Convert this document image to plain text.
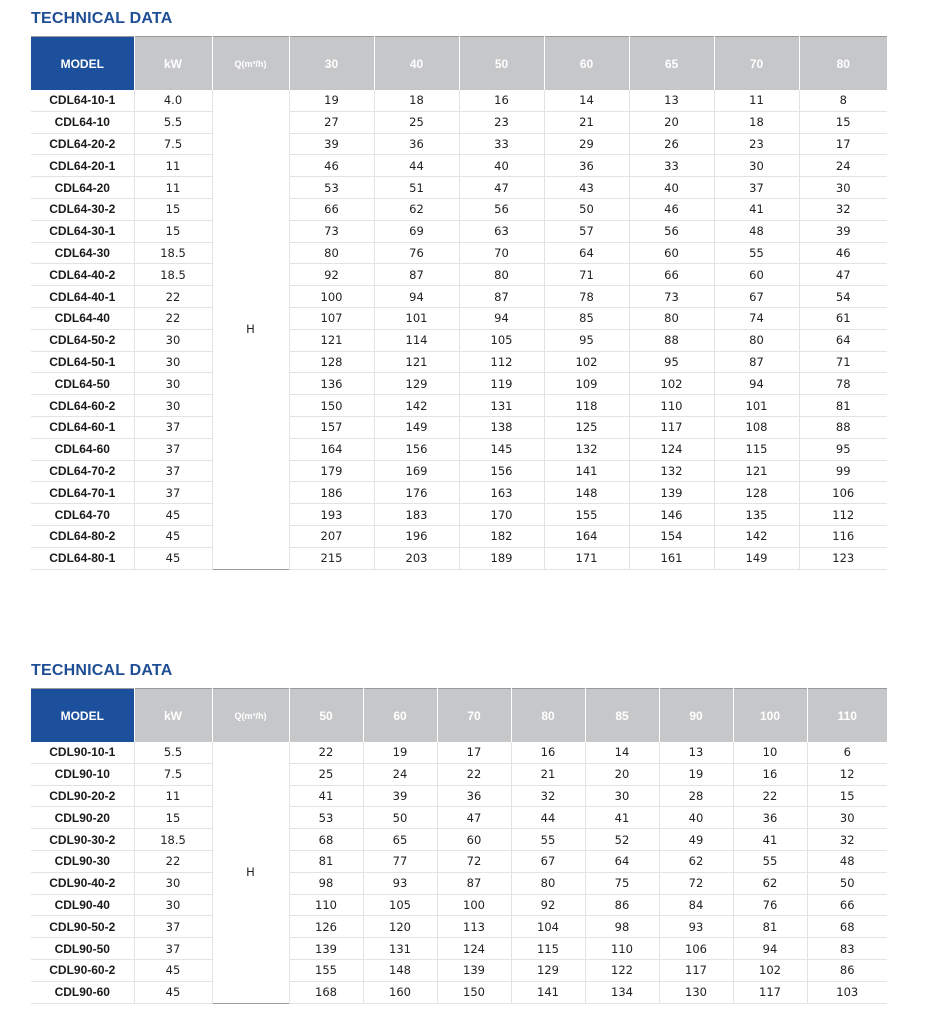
TECHNICAL DATA
MODEL	kW	Q(m³/h)	30	40	50	60	65	70	80
CDL64-10-1	4.0	H	19	18	16	14	13	11	8
CDL64-10	5.5		27	25	23	21	20	18	15
CDL64-20-2	7.5		39	36	33	29	26	23	17
CDL64-20-1	11		46	44	40	36	33	30	24
CDL64-20	11		53	51	47	43	40	37	30
CDL64-30-2	15		66	62	56	50	46	41	32
CDL64-30-1	15		73	69	63	57	56	48	39
CDL64-30	18.5		80	76	70	64	60	55	46
CDL64-40-2	18.5		92	87	80	71	66	60	47
CDL64-40-1	22		100	94	87	78	73	67	54
CDL64-40	22		107	101	94	85	80	74	61
CDL64-50-2	30		121	114	105	95	88	80	64
CDL64-50-1	30		128	121	112	102	95	87	71
CDL64-50	30		136	129	119	109	102	94	78
CDL64-60-2	30		150	142	131	118	110	101	81
CDL64-60-1	37		157	149	138	125	117	108	88
CDL64-60	37		164	156	145	132	124	115	95
CDL64-70-2	37		179	169	156	141	132	121	99
CDL64-70-1	37		186	176	163	148	139	128	106
CDL64-70	45		193	183	170	155	146	135	112
CDL64-80-2	45		207	196	182	164	154	142	116
CDL64-80-1	45		215	203	189	171	161	149	123
TECHNICAL DATA
MODEL	kW	Q(m³/h)	50	60	70	80	85	90	100	110
CDL90-10-1	5.5	H	22	19	17	16	14	13	10	6
CDL90-10	7.5		25	24	22	21	20	19	16	12
CDL90-20-2	11		41	39	36	32	30	28	22	15
CDL90-20	15		53	50	47	44	41	40	36	30
CDL90-30-2	18.5		68	65	60	55	52	49	41	32
CDL90-30	22		81	77	72	67	64	62	55	48
CDL90-40-2	30		98	93	87	80	75	72	62	50
CDL90-40	30		110	105	100	92	86	84	76	66
CDL90-50-2	37		126	120	113	104	98	93	81	68
CDL90-50	37		139	131	124	115	110	106	94	83
CDL90-60-2	45		155	148	139	129	122	117	102	86
CDL90-60	45		168	160	150	141	134	130	117	103
